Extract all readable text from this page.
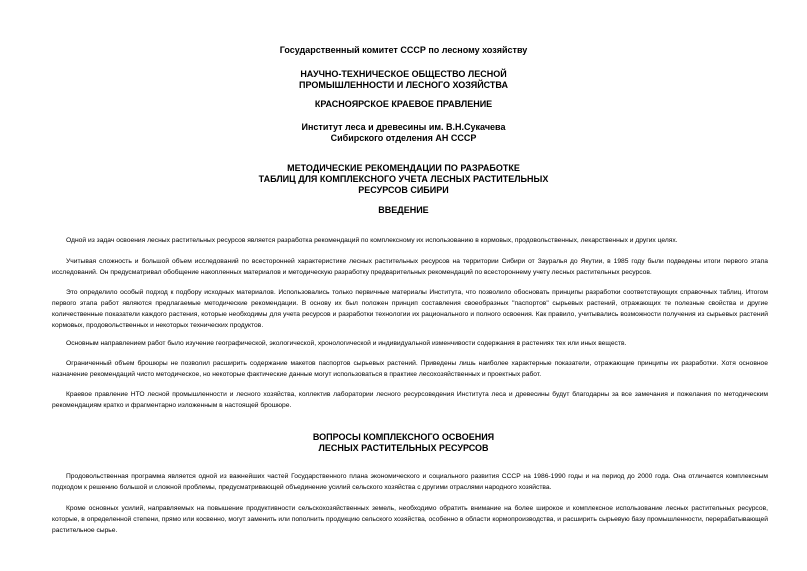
Государственный комитет СССР по лесному хозяйству
НАУЧНО-ТЕХНИЧЕСКОЕ ОБЩЕСТВО ЛЕСНОЙ
ПРОМЫШЛЕННОСТИ И ЛЕСНОГО ХОЗЯЙСТВА
КРАСНОЯРСКОЕ КРАЕВОЕ ПРАВЛЕНИЕ
Институт леса и древесины им. В.Н.Сукачева
Сибирского отделения АН СССР
МЕТОДИЧЕСКИЕ РЕКОМЕНДАЦИИ ПО РАЗРАБОТКЕ
ТАБЛИЦ ДЛЯ КОМПЛЕКСНОГО УЧЕТА ЛЕСНЫХ РАСТИТЕЛЬНЫХ
РЕСУРСОВ СИБИРИ
ВВЕДЕНИЕ
Одной из задач освоения лесных растительных ресурсов является разработка рекомендаций по комплексному их использованию в кормовых, продовольственных, лекарственных и других целях.
Учитывая сложность и большой объем исследований по всесторонней характеристике лесных растительных ресурсов на территории Сибири от Зауралья до Якутии, в 1985 году были подведены итоги первого этапа исследований. Он предусматривал обобщение накопленных материалов и методическую разработку предварительных рекомендаций по всестороннему учету лесных растительных ресурсов.
Это определило особый подход к подбору исходных материалов. Использовались только первичные материалы Института, что позволило обосновать принципы разработки соответствующих справочных таблиц. Итогом первого этапа работ являются предлагаемые методические рекомендации. В основу их был положен принцип составления своеобразных "паспортов" сырьевых растений, отражающих те полезные свойства и другие количественные показатели каждого растения, которые необходимы для учета ресурсов и разработки технологии их рационального и полного освоения. Как правило, учитывались возможности получения из сырьевых растений кормовых, продовольственных и некоторых технических продуктов.
Основным направлением работ было изучение географической, экологической, хронологической и индивидуальной изменчивости содержания в растениях тех или иных веществ.
Ограниченный объем брошюры не позволил расширить содержание макетов паспортов сырьевых растений. Приведены лишь наиболее характерные показатели, отражающие принципы их разработки. Хотя основное назначение рекомендаций чисто методическое, но некоторые фактические данные могут использоваться в практике лесохозяйственных и проектных работ.
Краевое правление НТО лесной промышленности и лесного хозяйства, коллектив лаборатории лесного ресурсоведения Института леса и древесины будут благодарны за все замечания и пожелания по методическим рекомендациям кратко и фрагментарно изложенным в настоящей брошюре.
ВОПРОСЫ КОМПЛЕКСНОГО ОСВОЕНИЯ
ЛЕСНЫХ РАСТИТЕЛЬНЫХ РЕСУРСОВ
Продовольственная программа является одной из важнейших частей Государственного плана экономического и социального развития СССР на 1986-1990 годы и на период до 2000 года. Она отличается комплексным подходом к решению большой и сложной проблемы, предусматривающей объединение усилий сельского хозяйства с другими отраслями народного хозяйства.
Кроме основных усилий, направляемых на повышение продуктивности сельскохозяйственных земель, необходимо обратить внимание на более широкое и комплексное использование лесных растительных ресурсов, которые, в определенной степени, прямо или косвенно, могут заменить или пополнить продукцию сельского хозяйства, особенно в области кормопроизводства, и расширить сырьевую базу промышленности, перерабатывающей растительное сырье.
